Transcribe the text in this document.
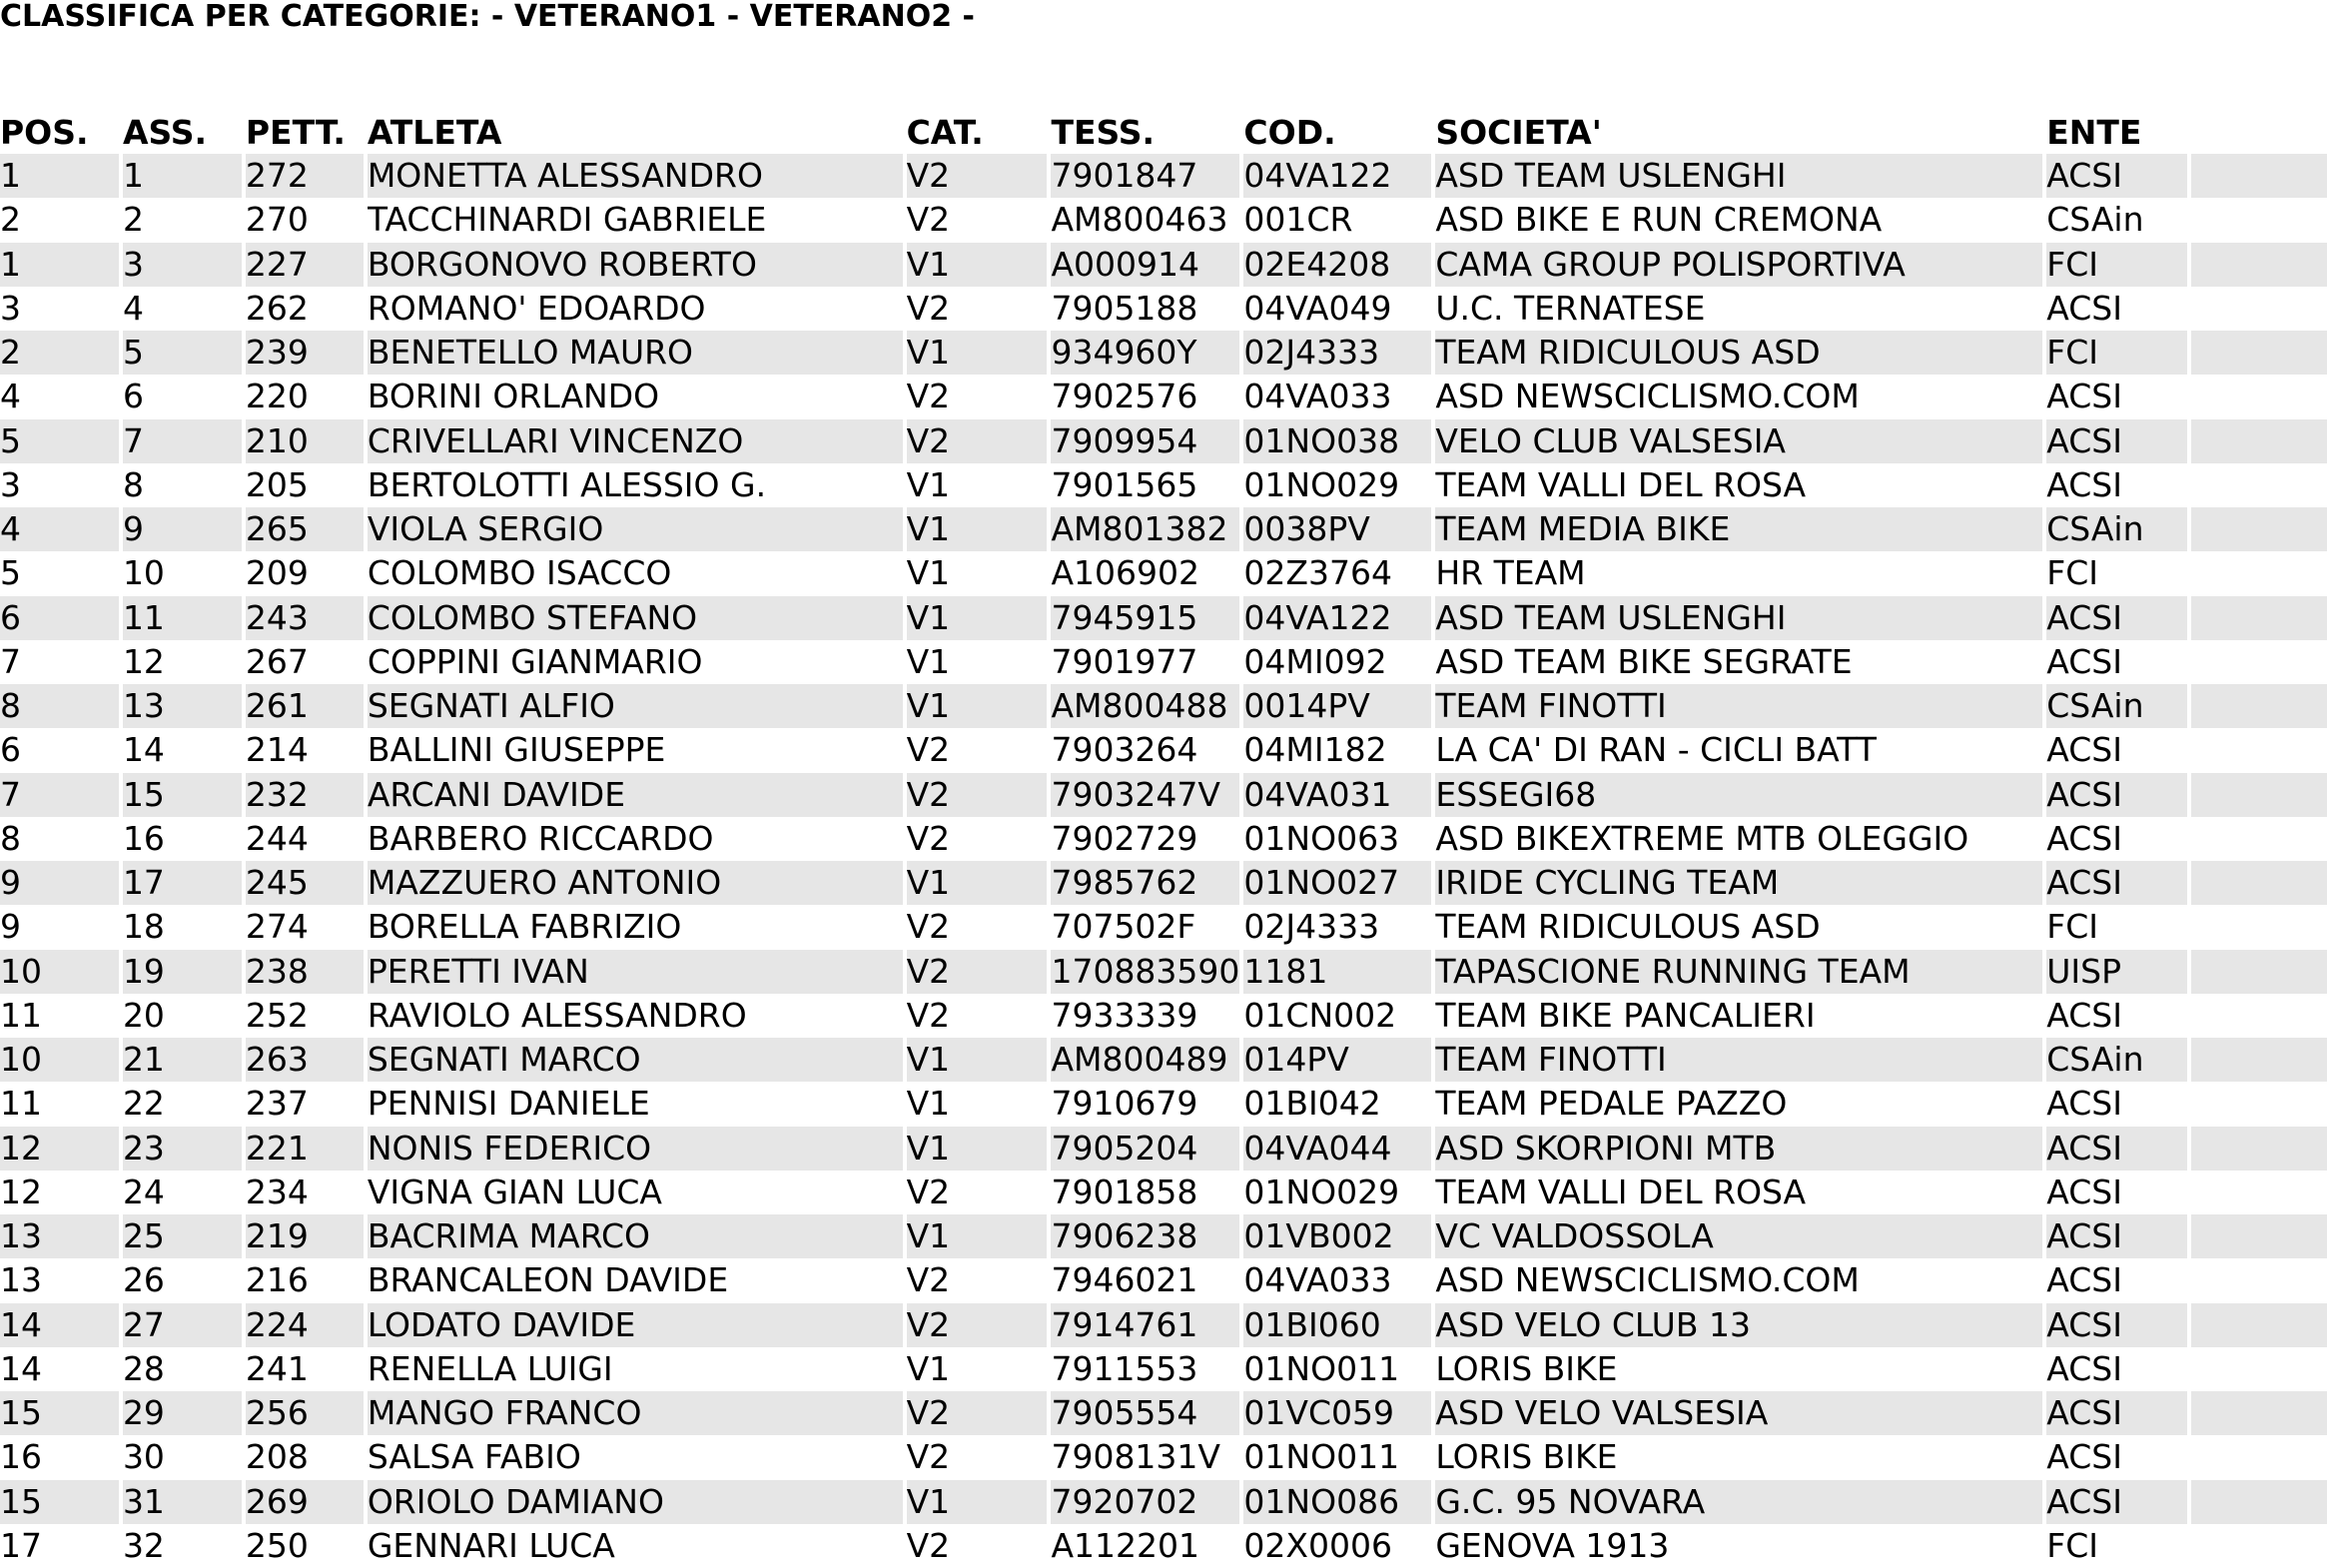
CLASSIFICA PER CATEGORIE: - VETERANO1 - VETERANO2 -
POS.	ASS.	PETT.	ATLETA	CAT.	TESS.	COD.	SOCIETA'	ENTE	
1	1	272	MONETTA ALESSANDRO	V2	7901847	04VA122	ASD TEAM USLENGHI	ACSI	
2	2	270	TACCHINARDI GABRIELE	V2	AM800463	001CR	ASD BIKE E RUN CREMONA	CSAin	
1	3	227	BORGONOVO ROBERTO	V1	A000914	02E4208	CAMA GROUP POLISPORTIVA	FCI	
3	4	262	ROMANO' EDOARDO	V2	7905188	04VA049	U.C. TERNATESE	ACSI	
2	5	239	BENETELLO MAURO	V1	934960Y	02J4333	TEAM RIDICULOUS ASD	FCI	
4	6	220	BORINI ORLANDO	V2	7902576	04VA033	ASD NEWSCICLISMO.COM	ACSI	
5	7	210	CRIVELLARI VINCENZO	V2	7909954	01NO038	VELO CLUB VALSESIA	ACSI	
3	8	205	BERTOLOTTI ALESSIO G.	V1	7901565	01NO029	TEAM VALLI DEL ROSA	ACSI	
4	9	265	VIOLA SERGIO	V1	AM801382	0038PV	TEAM MEDIA BIKE	CSAin	
5	10	209	COLOMBO ISACCO	V1	A106902	02Z3764	HR TEAM	FCI	
6	11	243	COLOMBO STEFANO	V1	7945915	04VA122	ASD TEAM USLENGHI	ACSI	
7	12	267	COPPINI GIANMARIO	V1	7901977	04MI092	ASD TEAM BIKE SEGRATE	ACSI	
8	13	261	SEGNATI ALFIO	V1	AM800488	0014PV	TEAM FINOTTI	CSAin	
6	14	214	BALLINI GIUSEPPE	V2	7903264	04MI182	LA CA' DI RAN - CICLI BATT	ACSI	
7	15	232	ARCANI DAVIDE	V2	7903247V	04VA031	ESSEGI68	ACSI	
8	16	244	BARBERO RICCARDO	V2	7902729	01NO063	ASD BIKEXTREME MTB OLEGGIO	ACSI	
9	17	245	MAZZUERO ANTONIO	V1	7985762	01NO027	IRIDE CYCLING TEAM	ACSI	
9	18	274	BORELLA FABRIZIO	V2	707502F	02J4333	TEAM RIDICULOUS ASD	FCI	
10	19	238	PERETTI IVAN	V2	170883590	1181	TAPASCIONE RUNNING TEAM	UISP	
11	20	252	RAVIOLO ALESSANDRO	V2	7933339	01CN002	TEAM BIKE PANCALIERI	ACSI	
10	21	263	SEGNATI MARCO	V1	AM800489	014PV	TEAM FINOTTI	CSAin	
11	22	237	PENNISI DANIELE	V1	7910679	01BI042	TEAM PEDALE PAZZO	ACSI	
12	23	221	NONIS FEDERICO	V1	7905204	04VA044	ASD SKORPIONI MTB	ACSI	
12	24	234	VIGNA GIAN LUCA	V2	7901858	01NO029	TEAM VALLI DEL ROSA	ACSI	
13	25	219	BACRIMA MARCO	V1	7906238	01VB002	VC VALDOSSOLA	ACSI	
13	26	216	BRANCALEON DAVIDE	V2	7946021	04VA033	ASD NEWSCICLISMO.COM	ACSI	
14	27	224	LODATO DAVIDE	V2	7914761	01BI060	ASD VELO CLUB 13	ACSI	
14	28	241	RENELLA LUIGI	V1	7911553	01NO011	LORIS BIKE	ACSI	
15	29	256	MANGO FRANCO	V2	7905554	01VC059	ASD VELO VALSESIA	ACSI	
16	30	208	SALSA FABIO	V2	7908131V	01NO011	LORIS BIKE	ACSI	
15	31	269	ORIOLO DAMIANO	V1	7920702	01NO086	G.C. 95 NOVARA	ACSI	
17	32	250	GENNARI LUCA	V2	A112201	02X0006	GENOVA 1913	FCI	
